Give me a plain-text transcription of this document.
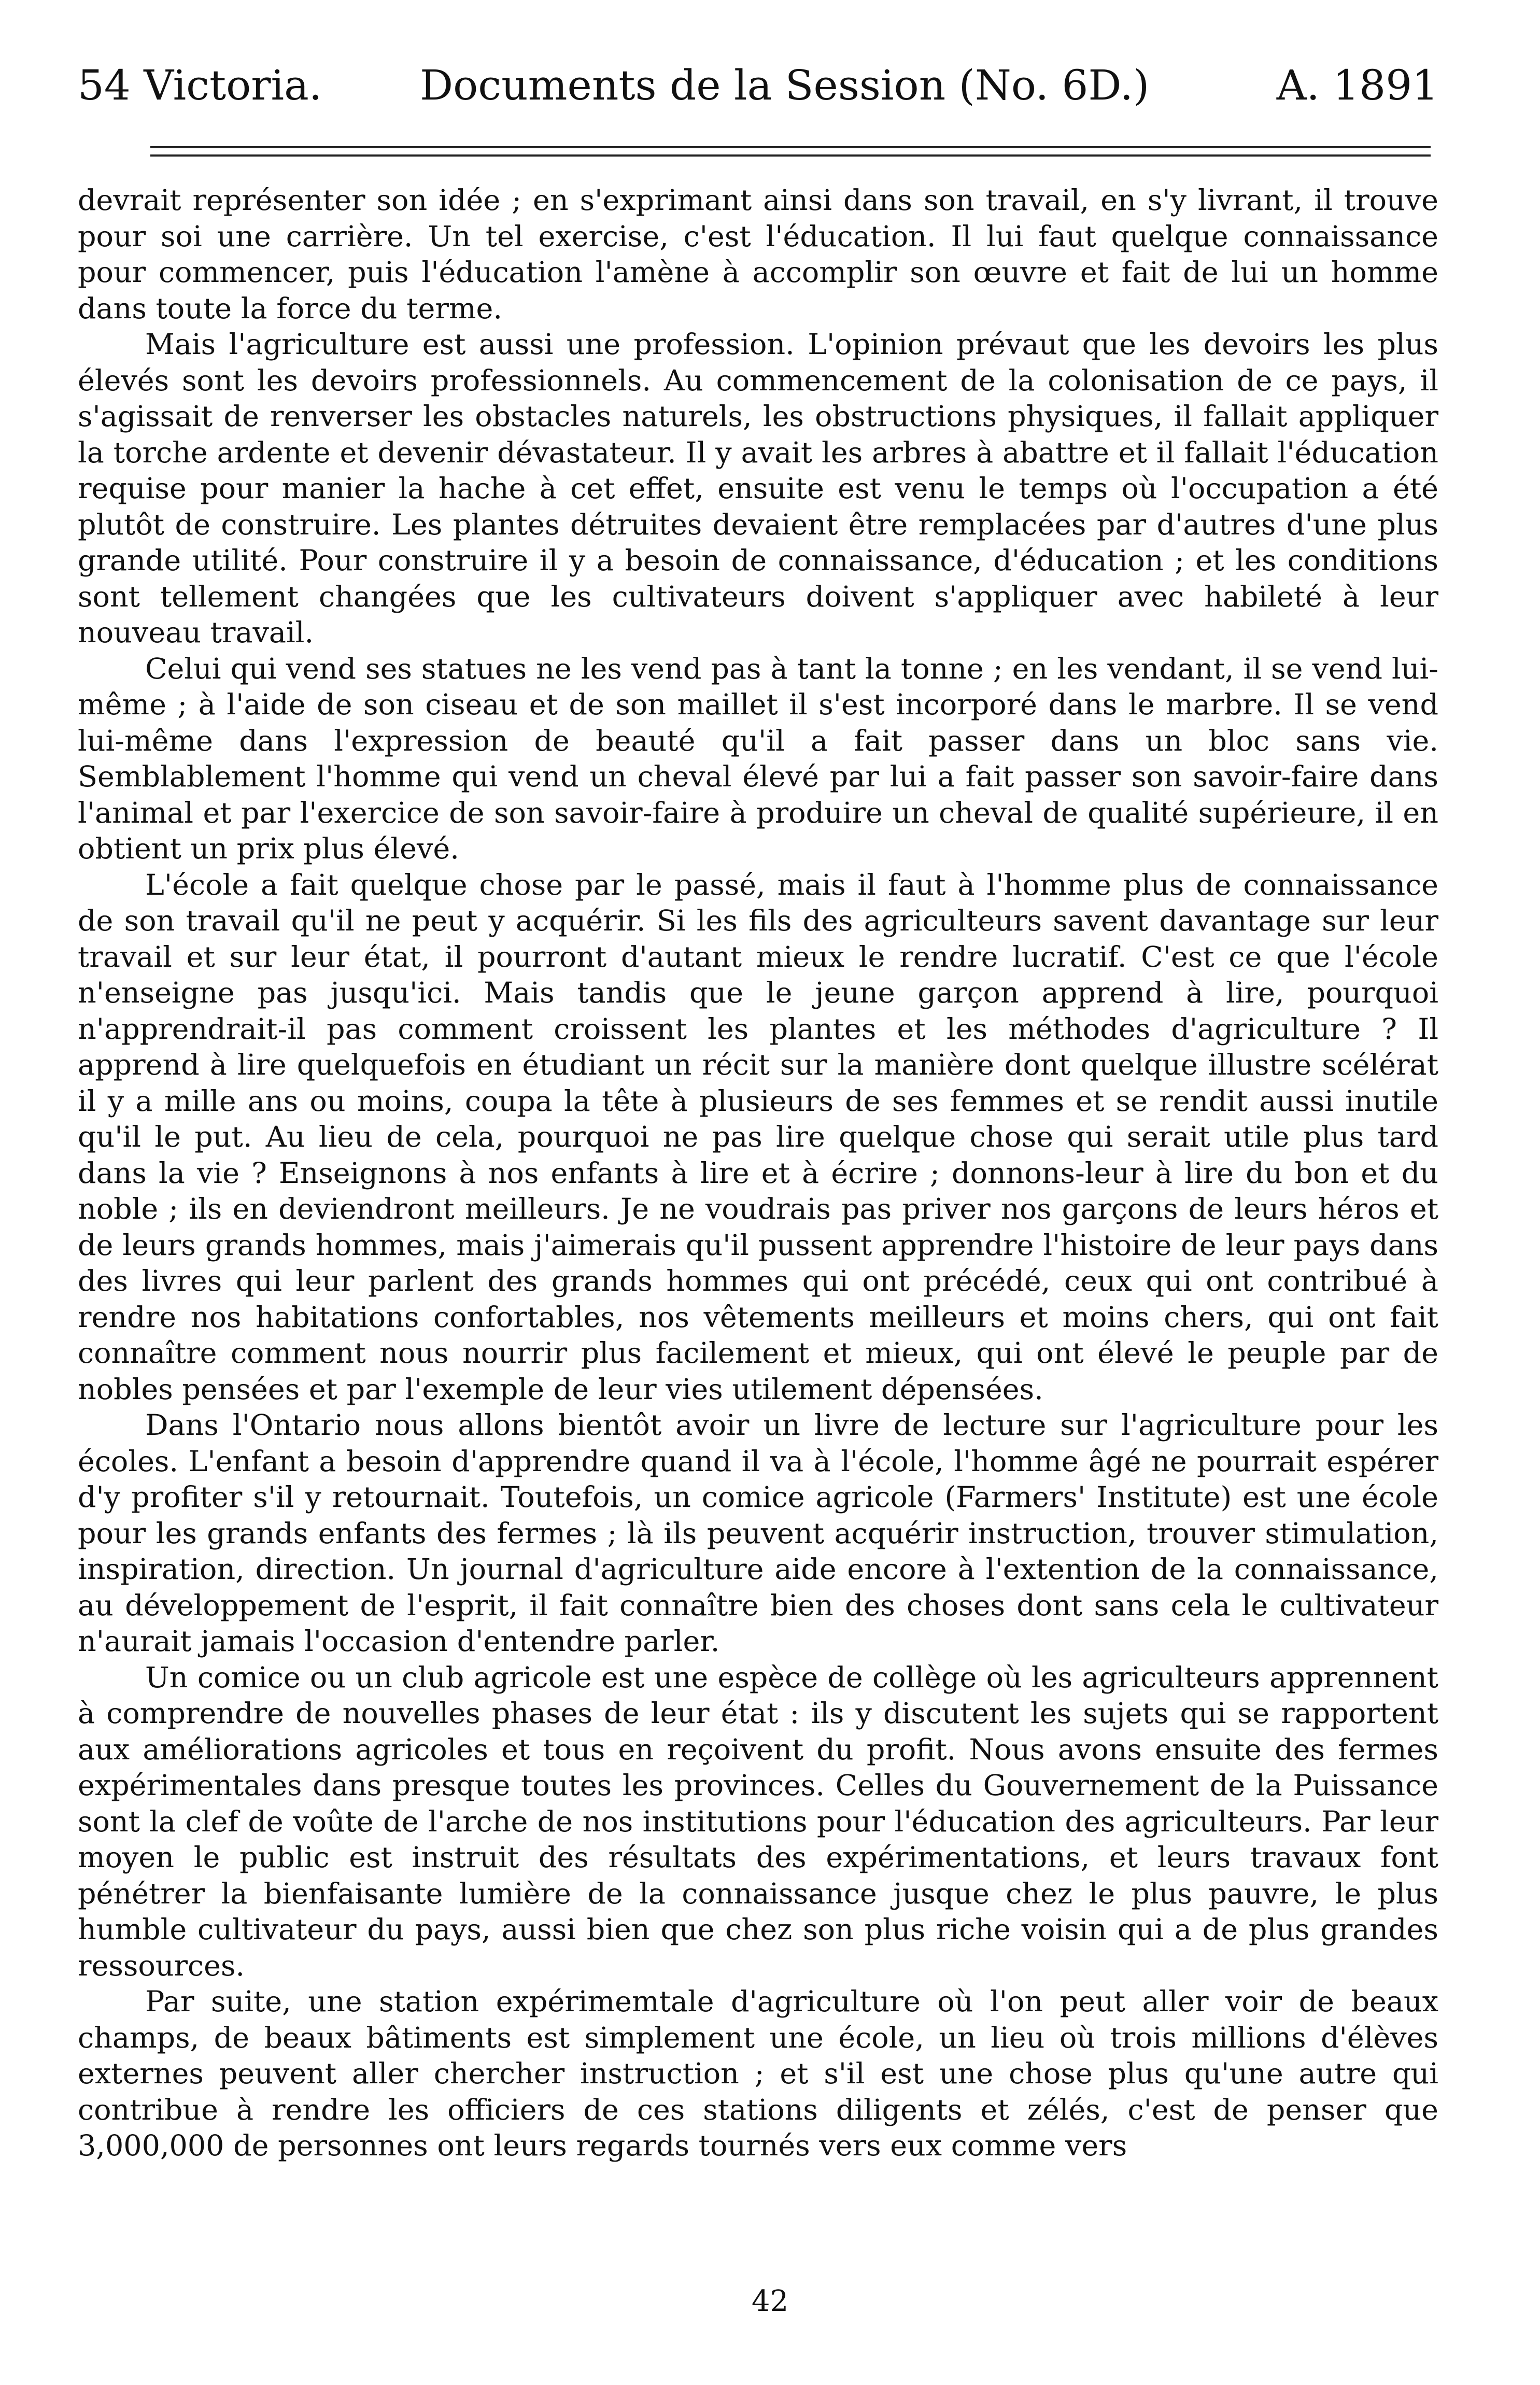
54 Victoria. Documents de la Session (No. 6D.)	A. 1891

devrait représenter son idée ; en s'exprimant ainsi dans son travail, en s'y livrant, il trouve pour soi une carrière. Un tel exercise, c'est l'éducation. Il lui faut quelque connaissance pour commencer, puis l'éducation l'amène à accomplir son œuvre et fait de lui un homme dans toute la force du terme.

Mais l'agriculture est aussi une profession. L'opinion prévaut que les devoirs les plus élevés sont les devoirs professionnels. Au commencement de la colonisation de ce pays, il s'agissait de renverser les obstacles naturels, les obstructions physiques, il fallait appliquer la torche ardente et devenir dévastateur. Il y avait les arbres à abattre et il fallait l'éducation requise pour manier la hache à cet effet, ensuite est venu le temps où l'occupation a été plutôt de construire. Les plantes détruites devaient être remplacées par d'autres d'une plus grande utilité. Pour construire il y a besoin de connaissance, d'éducation ; et les conditions sont tellement changées que les cultivateurs doivent s'appliquer avec habileté à leur nouveau travail.

Celui qui vend ses statues ne les vend pas à tant la tonne ; en les vendant, il se vend lui-même ; à l'aide de son ciseau et de son maillet il s'est incorporé dans le marbre. Il se vend lui-même dans l'expression de beauté qu'il a fait passer dans un bloc sans vie. Semblablement l'homme qui vend un cheval élevé par lui a fait passer son savoir-faire dans l'animal et par l'exercice de son savoir-faire à produire un cheval de qualité supérieure, il en obtient un prix plus élevé.

L'école a fait quelque chose par le passé, mais il faut à l'homme plus de connaissance de son travail qu'il ne peut y acquérir. Si les fils des agriculteurs savent davantage sur leur travail et sur leur état, il pourront d'autant mieux le rendre lucratif. C'est ce que l'école n'enseigne pas jusqu'ici. Mais tandis que le jeune garçon apprend à lire, pourquoi n'apprendrait-il pas comment croissent les plantes et les méthodes d'agriculture ? Il apprend à lire quelquefois en étudiant un récit sur la manière dont quelque illustre scélérat il y a mille ans ou moins, coupa la tête à plusieurs de ses femmes et se rendit aussi inutile qu'il le put. Au lieu de cela, pourquoi ne pas lire quelque chose qui serait utile plus tard dans la vie ? Enseignons à nos enfants à lire et à écrire ; donnons-leur à lire du bon et du noble ; ils en deviendront meilleurs. Je ne voudrais pas priver nos garçons de leurs héros et de leurs grands hommes, mais j'aimerais qu'il pussent apprendre l'histoire de leur pays dans des livres qui leur parlent des grands hommes qui ont précédé, ceux qui ont contribué à rendre nos habitations confortables, nos vêtements meilleurs et moins chers, qui ont fait connaître comment nous nourrir plus facilement et mieux, qui ont élevé le peuple par de nobles pensées et par l'exemple de leur vies utilement dépensées.

Dans l'Ontario nous allons bientôt avoir un livre de lecture sur l'agriculture pour les écoles. L'enfant a besoin d'apprendre quand il va à l'école, l'homme âgé ne pourrait espérer d'y profiter s'il y retournait. Toutefois, un comice agricole (Farmers' Institute) est une école pour les grands enfants des fermes ; là ils peuvent acquérir instruction, trouver stimulation, inspiration, direction. Un journal d'agriculture aide encore à l'extention de la connaissance, au développement de l'esprit, il fait connaître bien des choses dont sans cela le cultivateur n'aurait jamais l'occasion d'entendre parler.

Un comice ou un club agricole est une espèce de collège où les agriculteurs apprennent à comprendre de nouvelles phases de leur état : ils y discutent les sujets qui se rapportent aux améliorations agricoles et tous en reçoivent du profit. Nous avons ensuite des fermes expérimentales dans presque toutes les provinces. Celles du Gouvernement de la Puissance sont la clef de voûte de l'arche de nos institutions pour l'éducation des agriculteurs. Par leur moyen le public est instruit des résultats des expérimentations, et leurs travaux font pénétrer la bienfaisante lumière de la connaissance jusque chez le plus pauvre, le plus humble cultivateur du pays, aussi bien que chez son plus riche voisin qui a de plus grandes ressources.

Par suite, une station expérimemtale d'agriculture où l'on peut aller voir de beaux champs, de beaux bâtiments est simplement une école, un lieu où trois millions d'élèves externes peuvent aller chercher instruction ; et s'il est une chose plus qu'une autre qui contribue à rendre les officiers de ces stations diligents et zélés, c'est de penser que 3,000,000 de personnes ont leurs regards tournés vers eux comme vers

42
